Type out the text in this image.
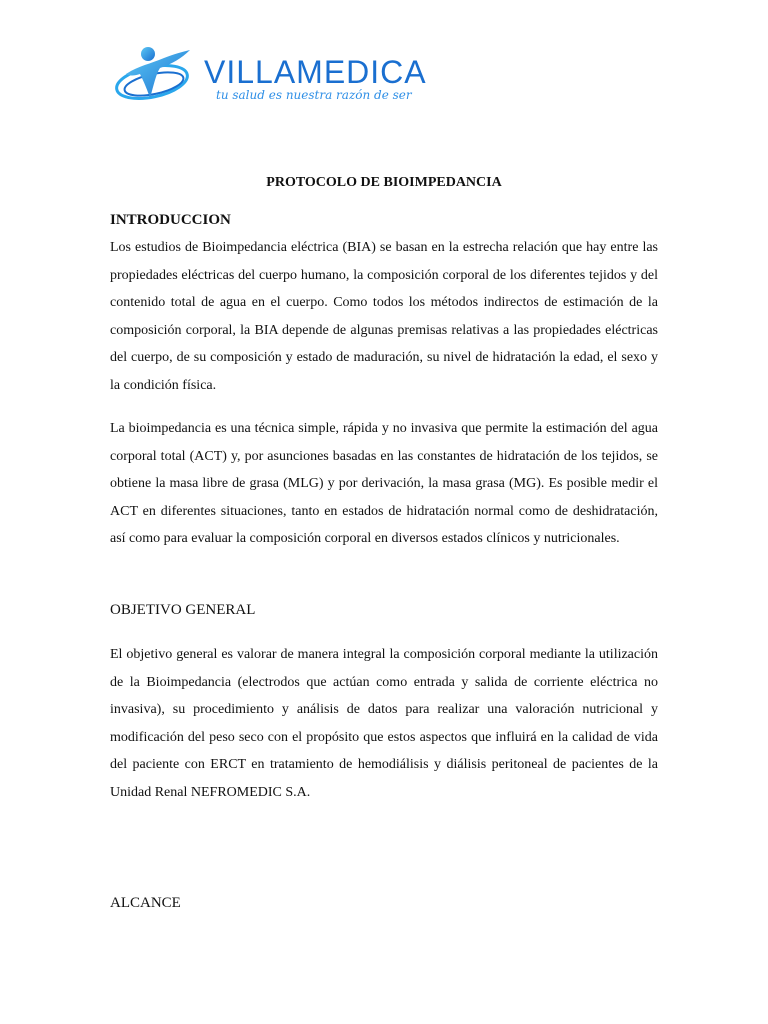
VILLAMEDICA
tu salud es nuestra razón de ser
PROTOCOLO DE BIOIMPEDANCIA
INTRODUCCION

Los estudios de Bioimpedancia eléctrica (BIA) se basan en la estrecha relación que hay entre las propiedades eléctricas del cuerpo humano, la composición corporal de los diferentes tejidos y del contenido total de agua en el cuerpo. Como todos los métodos indirectos de estimación de la composición corporal, la BIA depende de algunas premisas relativas a las propiedades eléctricas del cuerpo, de su composición y estado de maduración, su nivel de hidratación la edad, el sexo y la condición física.

La bioimpedancia es una técnica simple, rápida y no invasiva que permite la estimación del agua corporal total (ACT) y, por asunciones basadas en las constantes de hidratación de los tejidos, se obtiene la masa libre de grasa (MLG) y por derivación, la masa grasa (MG). Es posible medir el ACT en diferentes situaciones, tanto en estados de hidratación normal como de deshidratación, así como para evaluar la composición corporal en diversos estados clínicos y nutricionales.

OBJETIVO GENERAL

El objetivo general es valorar de manera integral la composición corporal mediante la utilización de la Bioimpedancia (electrodos que actúan como entrada y salida de corriente eléctrica no invasiva), su procedimiento y análisis de datos para realizar una valoración nutricional y modificación del peso seco con el propósito que estos aspectos que influirá en la calidad de vida del paciente con ERCT en tratamiento de hemodiálisis y diálisis peritoneal de pacientes de la Unidad Renal NEFROMEDIC S.A.

ALCANCE
